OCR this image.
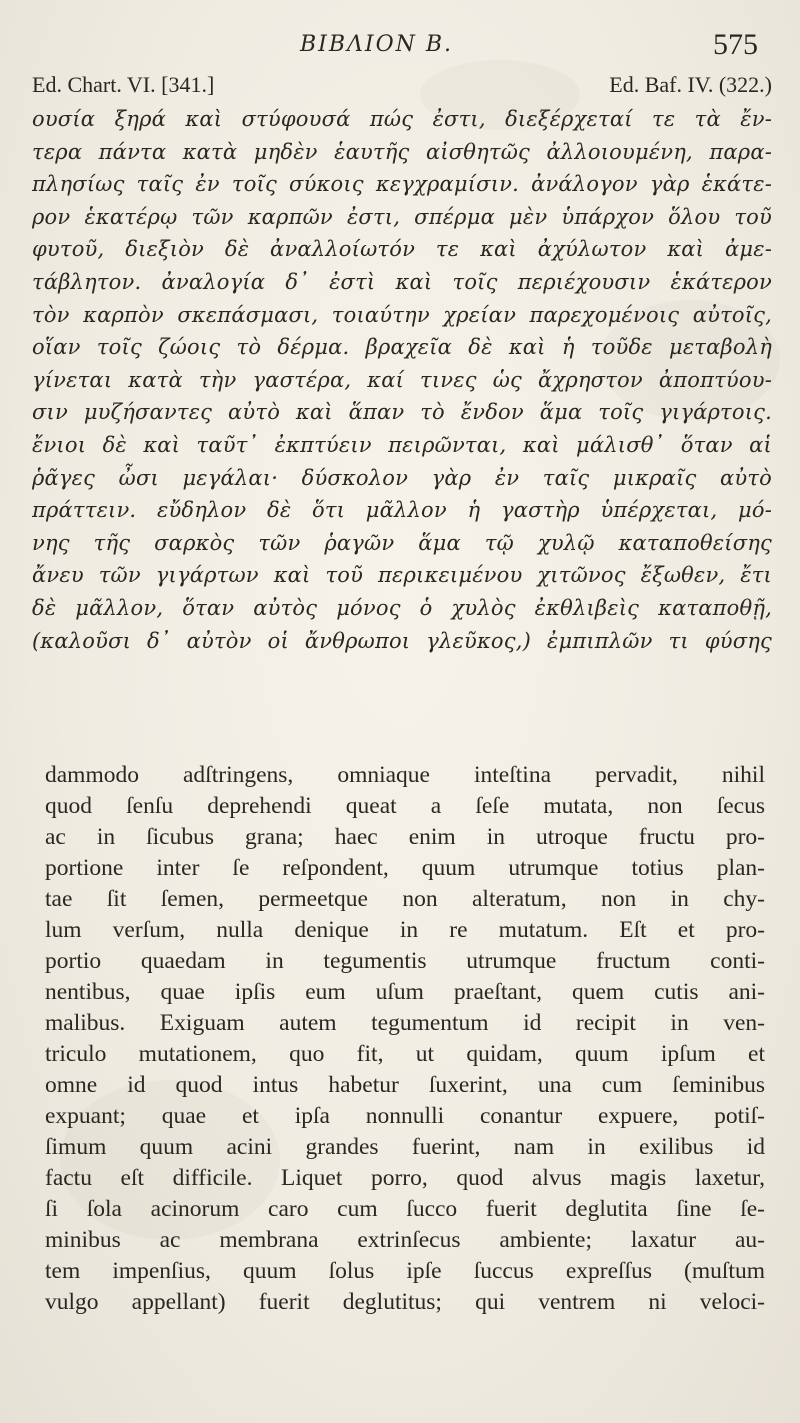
ΒΙΒΛΙΟΝ Β.	575
Ed. Chart. VI. [341.]	Ed. Baf. IV. (322.)
ουσία ξηρά καὶ στύφουσά πώς ἐστι, διεξέρχεταί τε τὰ ἔν-
τερα πάντα κατὰ μηδὲν ἑαυτῆς αἰσθητῶς ἀλλοιουμένη, παρα-
πλησίως ταῖς ἐν τοῖς σύκοις κεγχραμίσιν. ἀνάλογον γὰρ ἑκάτε-
ρον ἑκατέρῳ τῶν καρπῶν ἐστι, σπέρμα μὲν ὑπάρχον ὅλου τοῦ
φυτοῦ, διεξιὸν δὲ ἀναλλοίωτόν τε καὶ ἀχύλωτον καὶ ἀμε-
τάβλητον. ἀναλογία δ᾽ ἐστὶ καὶ τοῖς περιέχουσιν ἑκάτερον
τὸν καρπὸν σκεπάσμασι, τοιαύτην χρείαν παρεχομένοις αὐτοῖς,
οἵαν τοῖς ζώοις τὸ δέρμα. βραχεῖα δὲ καὶ ἡ τοῦδε μεταβολὴ
γίνεται κατὰ τὴν γαστέρα, καί τινες ὡς ἄχρηστον ἀποπτύου-
σιν μυζήσαντες αὐτὸ καὶ ἅπαν τὸ ἔνδον ἅμα τοῖς γιγάρτοις.
ἔνιοι δὲ καὶ ταῦτ᾽ ἐκπτύειν πειρῶνται, καὶ μάλισθ᾽ ὅταν αἱ
ῥᾶγες ὦσι μεγάλαι· δύσκολον γὰρ ἐν ταῖς μικραῖς αὐτὸ
πράττειν. εὔδηλον δὲ ὅτι μᾶλλον ἡ γαστὴρ ὑπέρχεται, μό-
νης τῆς σαρκὸς τῶν ῥαγῶν ἅμα τῷ χυλῷ καταποθείσης
ἄνευ τῶν γιγάρτων καὶ τοῦ περικειμένου χιτῶνος ἔξωθεν, ἔτι
δὲ μᾶλλον, ὅταν αὐτὸς μόνος ὁ χυλὸς ἐκθλιβεὶς καταποθῇ,
(καλοῦσι δ᾽ αὐτὸν οἱ ἄνθρωποι γλεῦκος,) ἐμπιπλῶν τι φύσης
dammodo adſtringens, omniaque inteſtina pervadit, nihil
quod ſenſu deprehendi queat a ſeſe mutata, non ſecus
ac in ſicubus grana; haec enim in utroque fructu pro-
portione inter ſe reſpondent, quum utrumque totius plan-
tae ſit ſemen, permeetque non alteratum, non in chy-
lum verſum, nulla denique in re mutatum. Eſt et pro-
portio quaedam in tegumentis utrumque fructum conti-
nentibus, quae ipſis eum uſum praeſtant, quem cutis ani-
malibus. Exiguam autem tegumentum id recipit in ven-
triculo mutationem, quo fit, ut quidam, quum ipſum et
omne id quod intus habetur ſuxerint, una cum ſeminibus
expuant; quae et ipſa nonnulli conantur expuere, potiſ-
ſimum quum acini grandes fuerint, nam in exilibus id
factu eſt difficile. Liquet porro, quod alvus magis laxetur,
ſi ſola acinorum caro cum ſucco fuerit deglutita ſine ſe-
minibus ac membrana extrinſecus ambiente; laxatur au-
tem impenſius, quum ſolus ipſe ſuccus expreſſus (muſtum
vulgo appellant) fuerit deglutitus; qui ventrem ni veloci-
